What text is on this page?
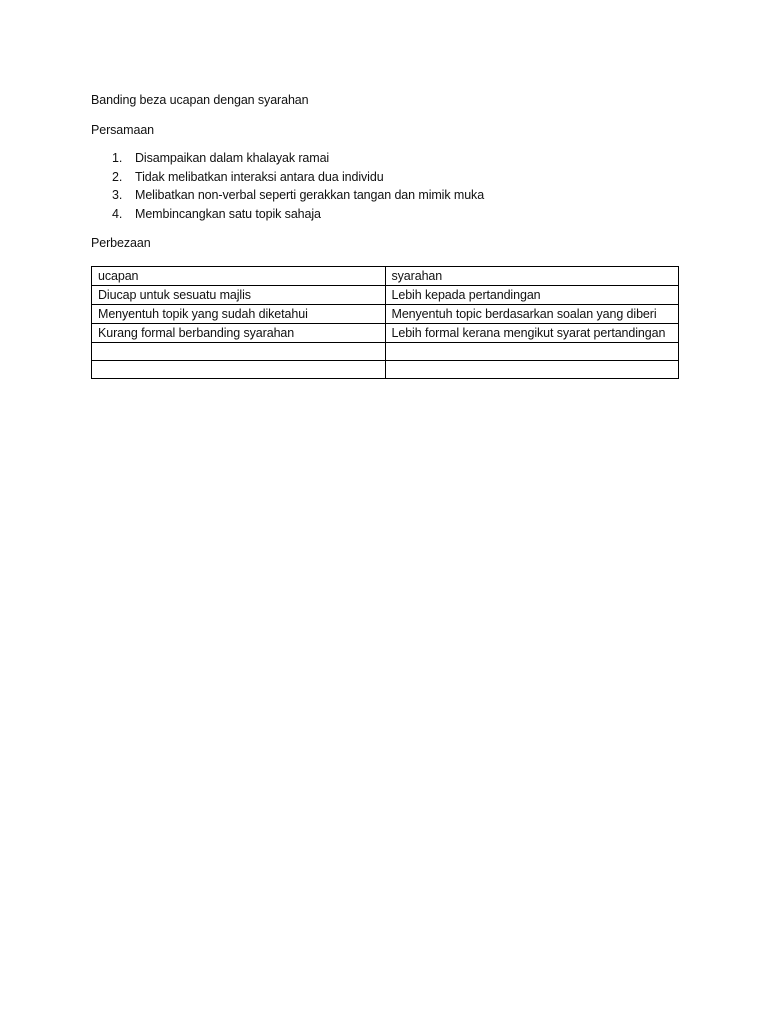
Banding beza ucapan dengan syarahan

Persamaan

1.	Disampaikan dalam khalayak ramai
2.	Tidak melibatkan interaksi antara dua individu
3.	Melibatkan non-verbal seperti gerakkan tangan dan mimik muka
4.	Membincangkan satu topik sahaja

Perbezaan

ucapan	syarahan
Diucap untuk sesuatu majlis	Lebih kepada pertandingan
Menyentuh topik yang sudah diketahui	Menyentuh topic berdasarkan soalan yang diberi
Kurang formal berbanding syarahan	Lebih formal kerana mengikut syarat pertandingan
